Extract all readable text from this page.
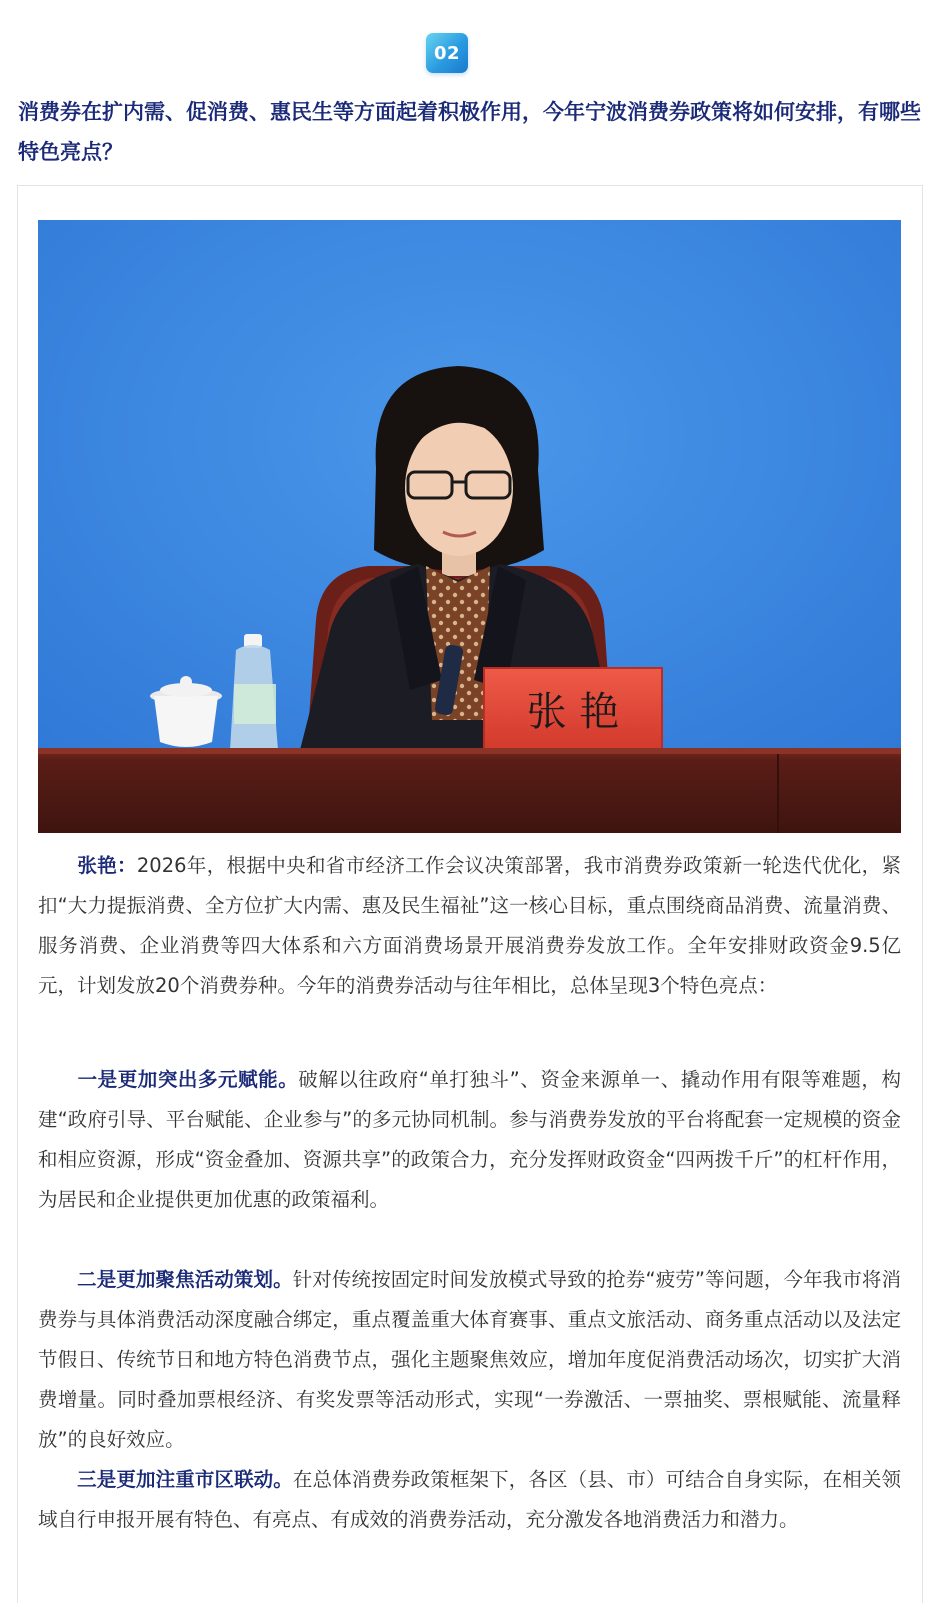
02
消费券在扩内需、促消费、惠民生等方面起着积极作用，今年宁波消费券政策将如何安排，有哪些特色亮点？
张 艳

张艳：2026年，根据中央和省市经济工作会议决策部署，我市消费券政策新一轮迭代优化，紧扣“大力提振消费、全方位扩大内需、惠及民生福祉”这一核心目标，重点围绕商品消费、流量消费、服务消费、企业消费等四大体系和六方面消费场景开展消费券发放工作。全年安排财政资金9.5亿元，计划发放20个消费券种。今年的消费券活动与往年相比，总体呈现3个特色亮点：

一是更加突出多元赋能。破解以往政府“单打独斗”、资金来源单一、撬动作用有限等难题，构建“政府引导、平台赋能、企业参与”的多元协同机制。参与消费券发放的平台将配套一定规模的资金和相应资源，形成“资金叠加、资源共享”的政策合力，充分发挥财政资金“四两拨千斤”的杠杆作用，为居民和企业提供更加优惠的政策福利。

二是更加聚焦活动策划。针对传统按固定时间发放模式导致的抢券“疲劳”等问题，今年我市将消费券与具体消费活动深度融合绑定，重点覆盖重大体育赛事、重点文旅活动、商务重点活动以及法定节假日、传统节日和地方特色消费节点，强化主题聚焦效应，增加年度促消费活动场次，切实扩大消费增量。同时叠加票根经济、有奖发票等活动形式，实现“一券激活、一票抽奖、票根赋能、流量释放”的良好效应。

三是更加注重市区联动。在总体消费券政策框架下，各区（县、市）可结合自身实际，在相关领域自行申报开展有特色、有亮点、有成效的消费券活动，充分激发各地消费活力和潜力。
